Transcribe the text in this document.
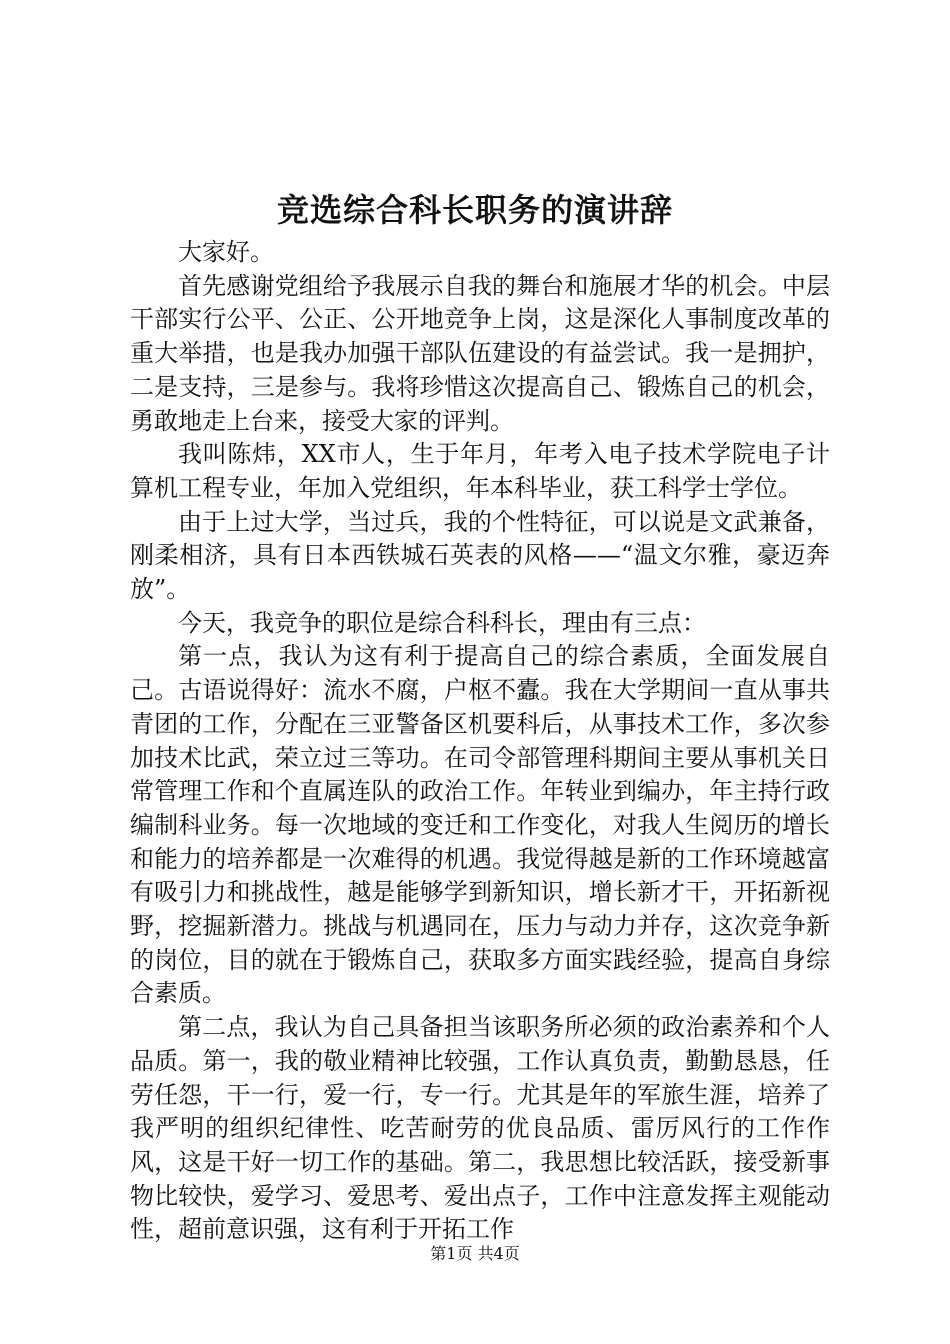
竞选综合科长职务的演讲辞

大家好。

首先感谢党组给予我展示自我的舞台和施展才华的机会。中层干部实行公平、公正、公开地竞争上岗，这是深化人事制度改革的重大举措，也是我办加强干部队伍建设的有益尝试。我一是拥护，二是支持，三是参与。我将珍惜这次提高自己、锻炼自己的机会，勇敢地走上台来，接受大家的评判。

我叫陈炜，XX市人，生于年月，年考入电子技术学院电子计算机工程专业，年加入党组织，年本科毕业，获工科学士学位。

由于上过大学，当过兵，我的个性特征，可以说是文武兼备，刚柔相济，具有日本西铁城石英表的风格——“温文尔雅，豪迈奔放”。

今天，我竞争的职位是综合科科长，理由有三点：

第一点，我认为这有利于提高自己的综合素质，全面发展自己。古语说得好：流水不腐，户枢不蠹。我在大学期间一直从事共青团的工作，分配在三亚警备区机要科后，从事技术工作，多次参加技术比武，荣立过三等功。在司令部管理科期间主要从事机关日常管理工作和个直属连队的政治工作。年转业到编办，年主持行政编制科业务。每一次地域的变迁和工作变化，对我人生阅历的增长和能力的培养都是一次难得的机遇。我觉得越是新的工作环境越富有吸引力和挑战性，越是能够学到新知识，增长新才干，开拓新视野，挖掘新潜力。挑战与机遇同在，压力与动力并存，这次竞争新的岗位，目的就在于锻炼自己，获取多方面实践经验，提高自身综合素质。

第二点，我认为自己具备担当该职务所必须的政治素养和个人品质。第一，我的敬业精神比较强，工作认真负责，勤勤恳恳，任劳任怨，干一行，爱一行，专一行。尤其是年的军旅生涯，培养了我严明的组织纪律性、吃苦耐劳的优良品质、雷厉风行的工作作风，这是干好一切工作的基础。第二，我思想比较活跃，接受新事物比较快，爱学习、爱思考、爱出点子，工作中注意发挥主观能动性，超前意识强，这有利于开拓工作

第1页 共4页
